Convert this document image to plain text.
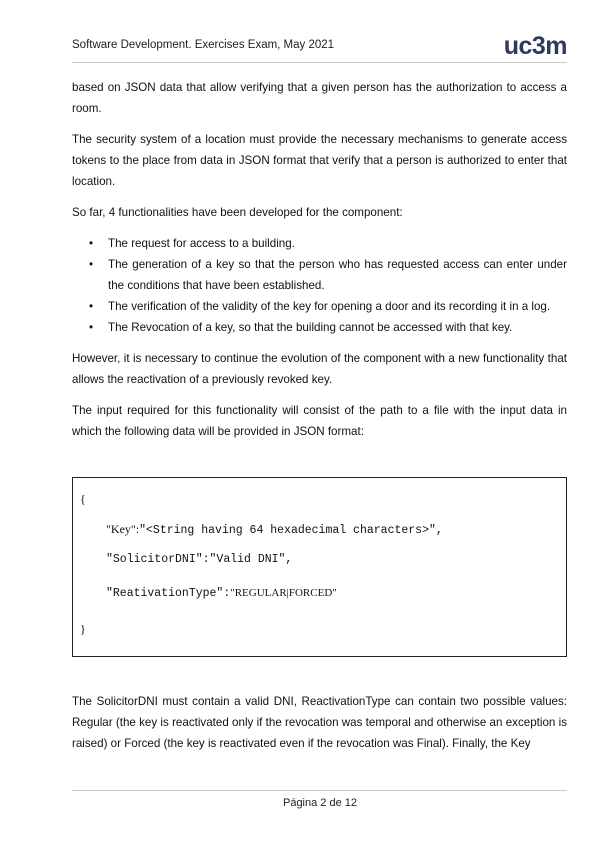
Software Development. Exercises Exam, May 2021	uc3m

based on JSON data that allow verifying that a given person has the authorization to access a room.

The security system of a location must provide the necessary mechanisms to generate access tokens to the place from data in JSON format that verify that a person is authorized to enter that location.

So far, 4 functionalities have been developed for the component:

• The request for access to a building.
• The generation of a key so that the person who has requested access can enter under the conditions that have been established.
• The verification of the validity of the key for opening a door and its recording it in a log.
• The Revocation of a key, so that the building cannot be accessed with that key.

However, it is necessary to continue the evolution of the component with a new functionality that allows the reactivation of a previously revoked key.

The input required for this functionality will consist of the path to a file with the input data in which the following data will be provided in JSON format:

{
"Key":"<String having 64 hexadecimal characters>",
"SolicitorDNI":"Valid DNI",
"ReativationType":"REGULAR|FORCED"
}

The SolicitorDNI must contain a valid DNI, ReactivationType can contain two possible values: Regular (the key is reactivated only if the revocation was temporal and otherwise an exception is raised) or Forced (the key is reactivated even if the revocation was Final). Finally, the Key

Página 2 de 12
